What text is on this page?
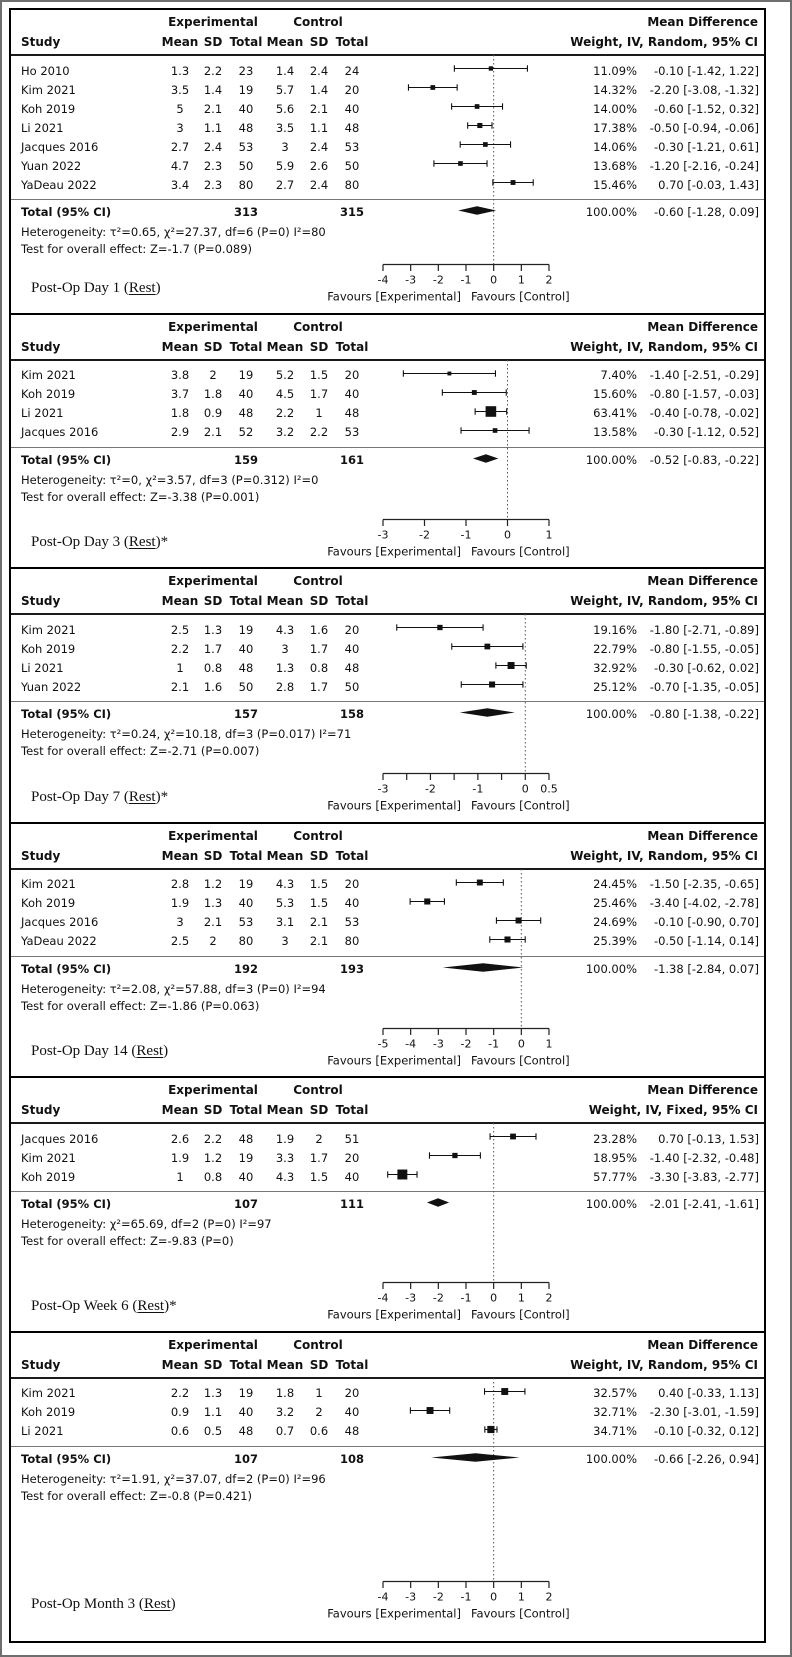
Experimental	Control	Mean Difference
Study	Mean SD Total Mean SD Total	Weight, IV, Random, 95% CI
Ho 2010	1.3	2.2	23	1.4	2.4	24	11.09%	-0.10 [-1.42, 1.22]
Kim 2021	3.5	1.4	19	5.7	1.4	20	14.32%	-2.20 [-3.08, -1.32]
Koh 2019	5	2.1	40	5.6	2.1	40	14.00%	-0.60 [-1.52, 0.32]
Li 2021	3	1.1	48	3.5	1.1	48	17.38%	-0.50 [-0.94, -0.06]
Jacques 2016	2.7	2.4	53	3	2.4	53	14.06%	-0.30 [-1.21, 0.61]
Yuan 2022	4.7	2.3	50	5.9	2.6	50	13.68%	-1.20 [-2.16, -0.24]
YaDeau 2022	3.4	2.3	80	2.7	2.4	80	15.46%	0.70 [-0.03, 1.43]
Total (95% CI)	313	315	100.00%	-0.60 [-1.28, 0.09]
Heterogeneity: τ²=0.65, χ²=27.37, df=6 (P=0) I²=80
Test for overall effect: Z=-1.7 (P=0.089)
Post-Op Day 1 (Rest)	-4 -3 -2 -1 0 1 2
Favours [Experimental] Favours [Control]
Experimental	Control	Mean Difference
Study	Mean SD Total Mean SD Total	Weight, IV, Random, 95% CI
Kim 2021	3.8	2	19	5.2	1.5	20	7.40%	-1.40 [-2.51, -0.29]
Koh 2019	3.7	1.8	40	4.5	1.7	40	15.60%	-0.80 [-1.57, -0.03]
Li 2021	1.8	0.9	48	2.2	1	48	63.41%	-0.40 [-0.78, -0.02]
Jacques 2016	2.9	2.1	52	3.2	2.2	53	13.58%	-0.30 [-1.12, 0.52]
Total (95% CI)	159	161	100.00%	-0.52 [-0.83, -0.22]
Heterogeneity: τ²=0, χ²=3.57, df=3 (P=0.312) I²=0
Test for overall effect: Z=-3.38 (P=0.001)
Post-Op Day 3 (Rest)*	-3	-2	-1	0	1
Favours [Experimental] Favours [Control]
Experimental	Control	Mean Difference
Study	Mean SD Total Mean SD Total	Weight, IV, Random, 95% CI
Kim 2021	2.5	1.3	19	4.3	1.6	20	19.16%	-1.80 [-2.71, -0.89]
Koh 2019	2.2	1.7	40	3	1.7	40	22.79%	-0.80 [-1.55, -0.05]
Li 2021	1	0.8	48	1.3	0.8	48	32.92%	-0.30 [-0.62, 0.02]
Yuan 2022	2.1	1.6	50	2.8	1.7	50	25.12%	-0.70 [-1.35, -0.05]
Total (95% CI)	157	158	100.00%	-0.80 [-1.38, -0.22]
Heterogeneity: τ²=0.24, χ²=10.18, df=3 (P=0.017) I²=71
Test for overall effect: Z=-2.71 (P=0.007)
Post-Op Day 7 (Rest)*	-3	-2	-1	0 0.5
Favours [Experimental] Favours [Control]
Experimental	Control	Mean Difference
Study	Mean SD Total Mean SD Total	Weight, IV, Random, 95% CI
Kim 2021	2.8	1.2	19	4.3	1.5	20	24.45%	-1.50 [-2.35, -0.65]
Koh 2019	1.9	1.3	40	5.3	1.5	40	25.46%	-3.40 [-4.02, -2.78]
Jacques 2016	3	2.1	53	3.1	2.1	53	24.69%	-0.10 [-0.90, 0.70]
YaDeau 2022	2.5	2	80	3	2.1	80	25.39%	-0.50 [-1.14, 0.14]
Total (95% CI)	192	193	100.00%	-1.38 [-2.84, 0.07]
Heterogeneity: τ²=2.08, χ²=57.88, df=3 (P=0) I²=94
Test for overall effect: Z=-1.86 (P=0.063)
Post-Op Day 14 (Rest)	-5 -4 -3 -2 -1 0 1
Favours [Experimental] Favours [Control]
Experimental	Control	Mean Difference
Study	Mean SD Total Mean SD Total	Weight, IV, Fixed, 95% CI
Jacques 2016	2.6	2.2	48	1.9	2	51	23.28%	0.70 [-0.13, 1.53]
Kim 2021	1.9	1.2	19	3.3	1.7	20	18.95%	-1.40 [-2.32, -0.48]
Koh 2019	1	0.8	40	4.3	1.5	40	57.77%	-3.30 [-3.83, -2.77]
Total (95% CI)	107	111	100.00%	-2.01 [-2.41, -1.61]
Heterogeneity: χ²=65.69, df=2 (P=0) I²=97
Test for overall effect: Z=-9.83 (P=0)
Post-Op Week 6 (Rest)*	-4 -3 -2 -1 0 1 2
Favours [Experimental] Favours [Control]
Experimental	Control	Mean Difference
Study	Mean SD Total Mean SD Total	Weight, IV, Random, 95% CI
Kim 2021	2.2	1.3	19	1.8	1	20	32.57%	0.40 [-0.33, 1.13]
Koh 2019	0.9	1.1	40	3.2	2	40	32.71%	-2.30 [-3.01, -1.59]
Li 2021	0.6	0.5	48	0.7	0.6	48	34.71%	-0.10 [-0.32, 0.12]
Total (95% CI)	107	108	100.00%	-0.66 [-2.26, 0.94]
Heterogeneity: τ²=1.91, χ²=37.07, df=2 (P=0) I²=96
Test for overall effect: Z=-0.8 (P=0.421)
Post-Op Month 3 (Rest)	-4 -3 -2 -1 0 1 2
Favours [Experimental] Favours [Control]
